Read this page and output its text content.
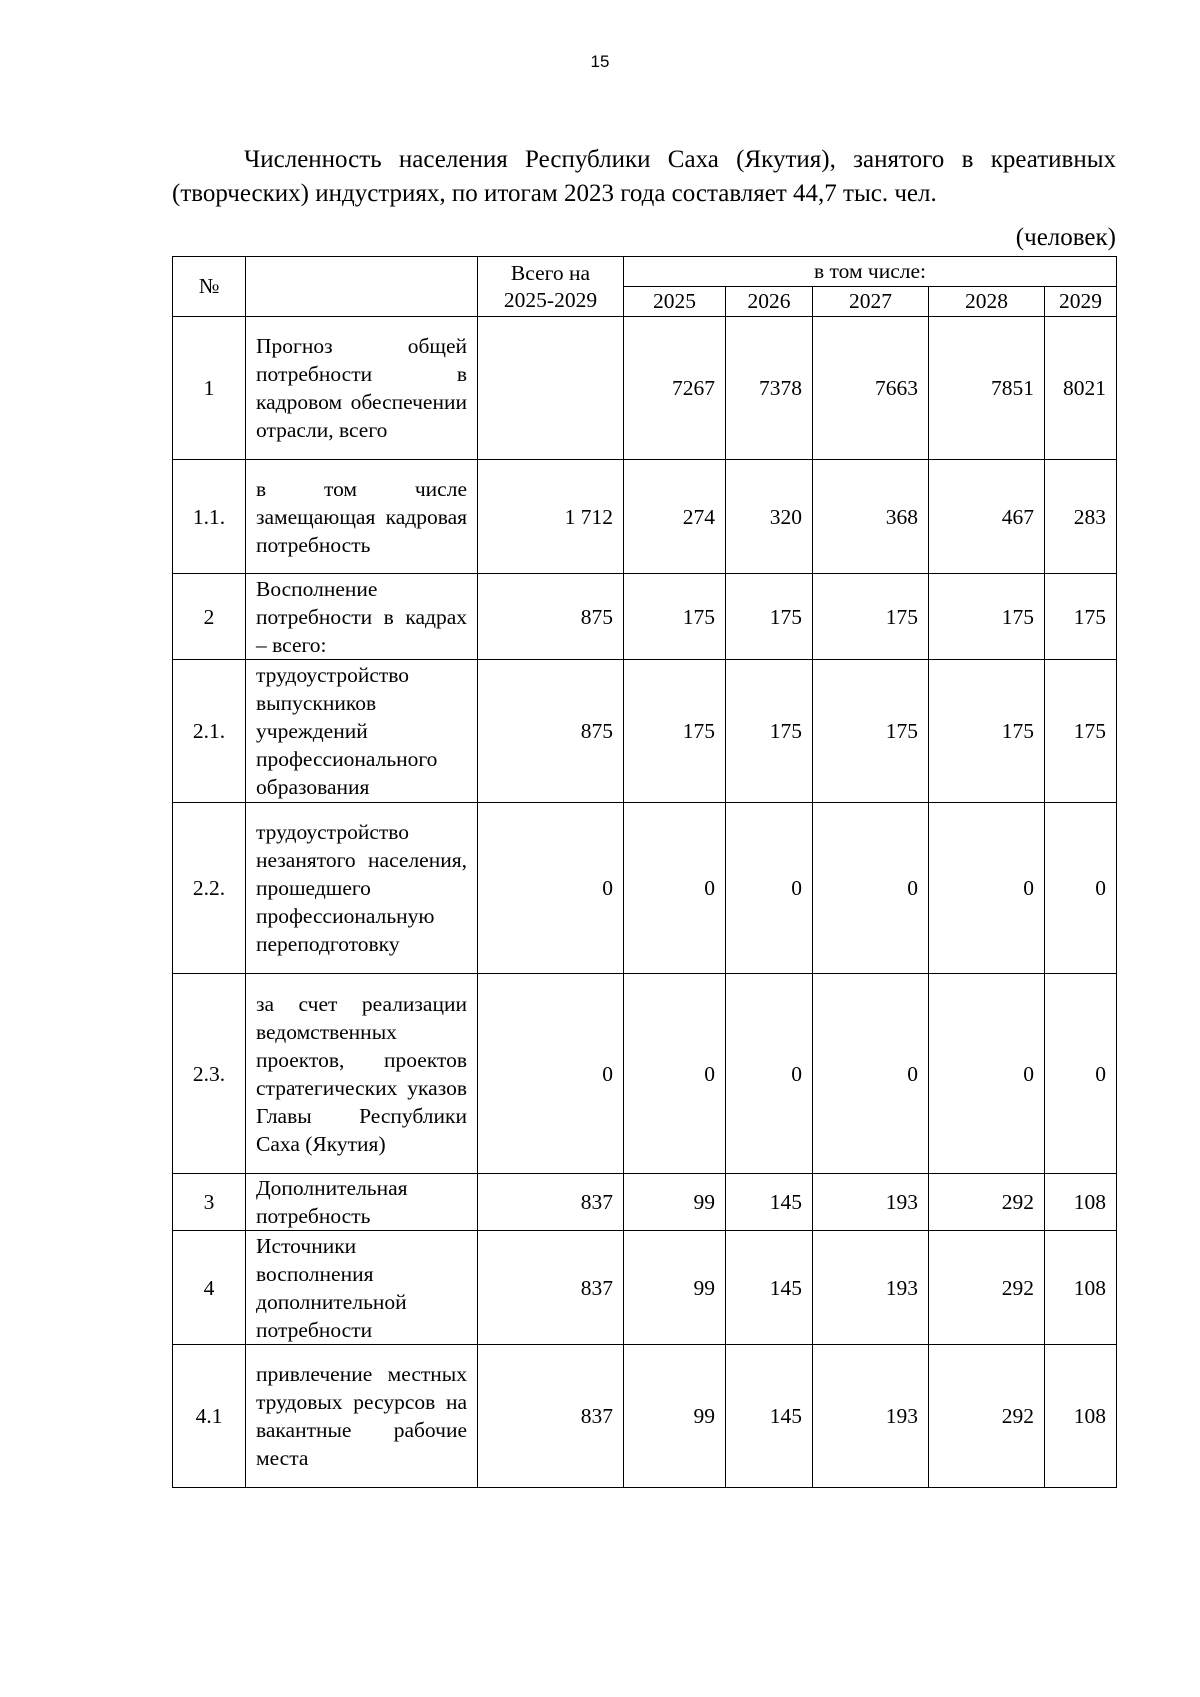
15

Численность населения Республики Саха (Якутия), занятого в креативных (творческих) индустриях, по итогам 2023 года составляет 44,7 тыс. чел.

(человек)
№		Всего на 2025-2029	в том числе:				
			2025	2026	2027	2028	2029
1	Прогноз общей потребности в кадровом обеспечении отрасли, всего		7267	7378	7663	7851	8021
1.1.	в том числе замещающая кадровая потребность	1 712	274	320	368	467	283
2	Восполнение потребности в кадрах – всего:	875	175	175	175	175	175
2.1.	трудоустройство выпускников учреждений профессионального образования	875	175	175	175	175	175
2.2.	трудоустройство незанятого населения, прошедшего профессиональную переподготовку	0	0	0	0	0	0
2.3.	за счет реализации ведомственных проектов, проектов стратегических указов Главы Республики Саха (Якутия)	0	0	0	0	0	0
3	Дополнительная потребность	837	99	145	193	292	108
4	Источники восполнения дополнительной потребности	837	99	145	193	292	108
4.1	привлечение местных трудовых ресурсов на вакантные рабочие места	837	99	145	193	292	108
